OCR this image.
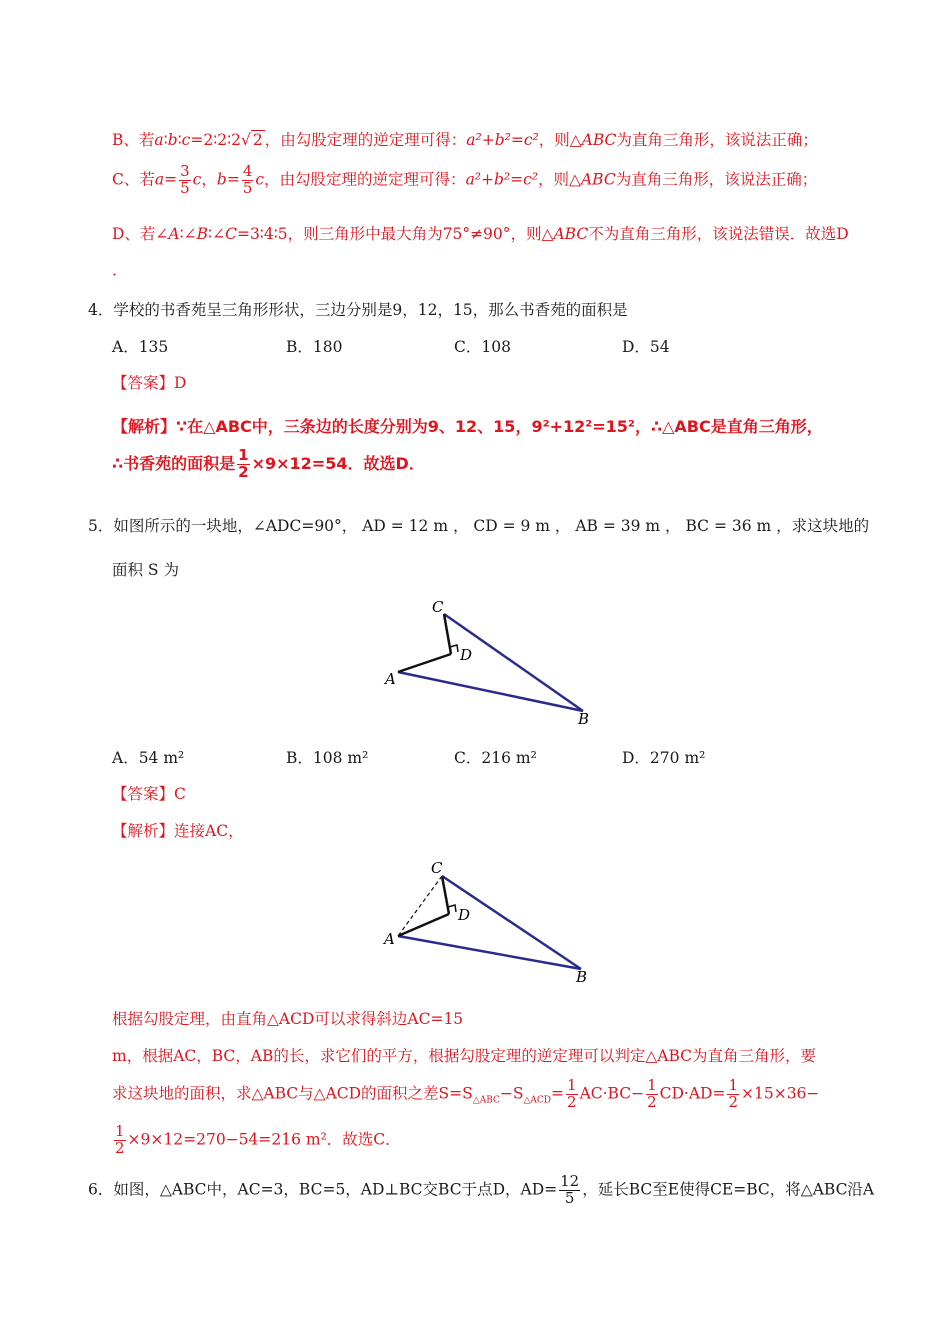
B、若a∶b∶c=2∶2∶2√ 2 ，由勾股定理的逆定理可得：a²+b²=c²，则△ABC为直角三角形，该说法正确；
C、若$a= \frac{3}{5}$ c，$b= \frac{4}{5}$ c，由勾股定理的逆定理可得：a²+b²=c²，则△ABC为直角三角形，该说法正确；
D、若∠A∶∠B∶∠C=3∶4∶5，则三角形中最大角为75°≠90°，则△ABC不为直角三角形，该说法错误．故选D
．
4．学校的书香苑呈三角形形状，三边分别是9，12，15，那么书香苑的面积是
A．135	B．180	C．108	D．54
【答案】D
【解析】∵在△ABC中，三条边的长度分别为9、12、15，9²+12²=15²，∴△ABC是直角三角形，
∴书香苑的面积是 $\frac{1}{2} \times 9\times 12=54$．故选D．
5．如图所示的一块地，∠ADC=90°， AD = 12 m ， CD = 9 m ， AB = 39 m ， BC = 36 m ，求这块地的
面积 S 为
C
D
A
B
A．54 m²	B．108 m²	C．216 m²	D．270 m²
【答案】C
【解析】连接AC，
C
D
A
B
根据勾股定理，由直角△ACD可以求得斜边AC=15
m，根据AC，BC，AB的长，求它们的平方，根据勾股定理的逆定理可以判定△ABC为直角三角形，要
求这块地的面积，求△ABC与△ACD的面积之差$S=S_{\triangle ABC}-S_{\triangle ACD}= \frac{1}{2} AC\cdot BC- \frac{1}{2} CD\cdot AD= \frac{1}{2} \times 15\times 36-$
$\frac{1}{2} \times 9\times 12=270-54=216$ m²．故选C．
6．如图，△ABC中，AC=3，BC=5，AD⊥BC交BC于点D，$AD= \frac{12}{5}$ ，延长BC至E使得CE=BC，将△ABC沿A
